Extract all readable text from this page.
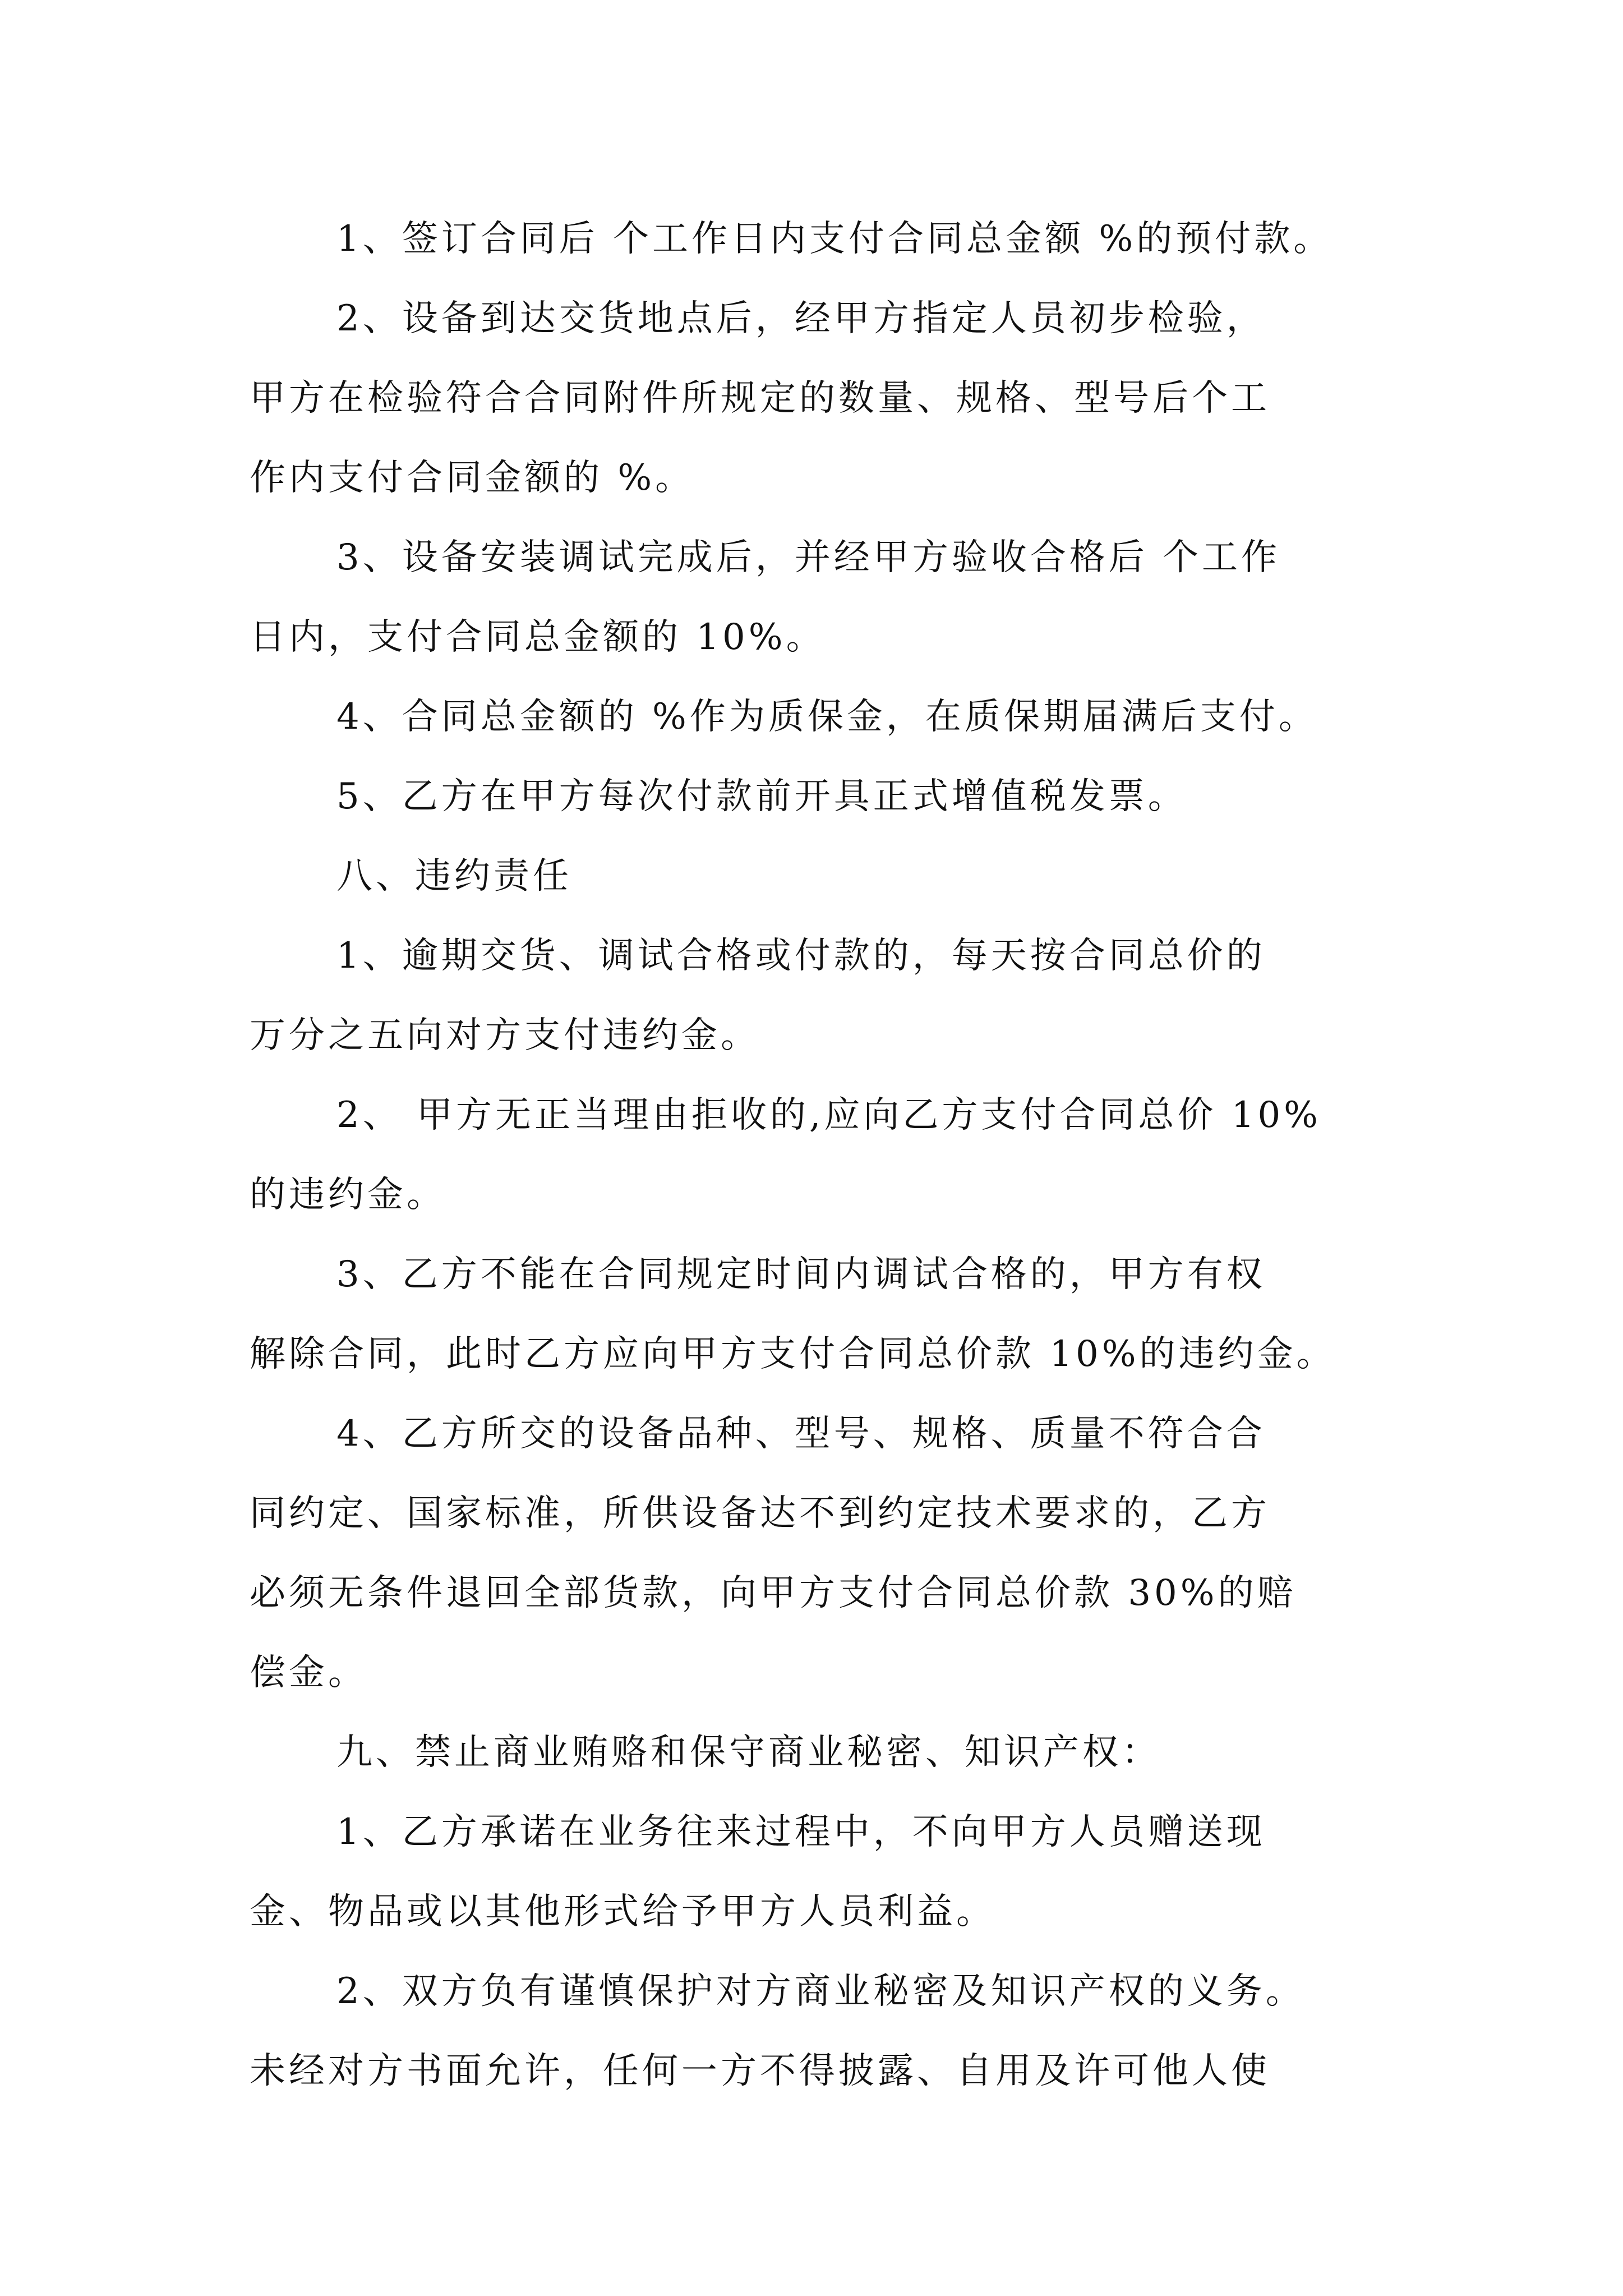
1、签订合同后 个工作日内支付合同总金额 %的预付款。
2、设备到达交货地点后，经甲方指定人员初步检验，
甲方在检验符合合同附件所规定的数量、规格、型号后个工
作内支付合同金额的 %。
3、设备安装调试完成后，并经甲方验收合格后 个工作
日内，支付合同总金额的 10%。
4、合同总金额的 %作为质保金，在质保期届满后支付。
5、乙方在甲方每次付款前开具正式增值税发票。
八、违约责任
1、逾期交货、调试合格或付款的，每天按合同总价的
万分之五向对方支付违约金。
2、 甲方无正当理由拒收的,应向乙方支付合同总价 10%
的违约金。
3、乙方不能在合同规定时间内调试合格的，甲方有权
解除合同，此时乙方应向甲方支付合同总价款 10%的违约金。
4、乙方所交的设备品种、型号、规格、质量不符合合
同约定、国家标准，所供设备达不到约定技术要求的，乙方
必须无条件退回全部货款，向甲方支付合同总价款 30%的赔
偿金。
九、禁止商业贿赂和保守商业秘密、知识产权：
1、乙方承诺在业务往来过程中，不向甲方人员赠送现
金、物品或以其他形式给予甲方人员利益。
2、双方负有谨慎保护对方商业秘密及知识产权的义务。
未经对方书面允许，任何一方不得披露、自用及许可他人使
